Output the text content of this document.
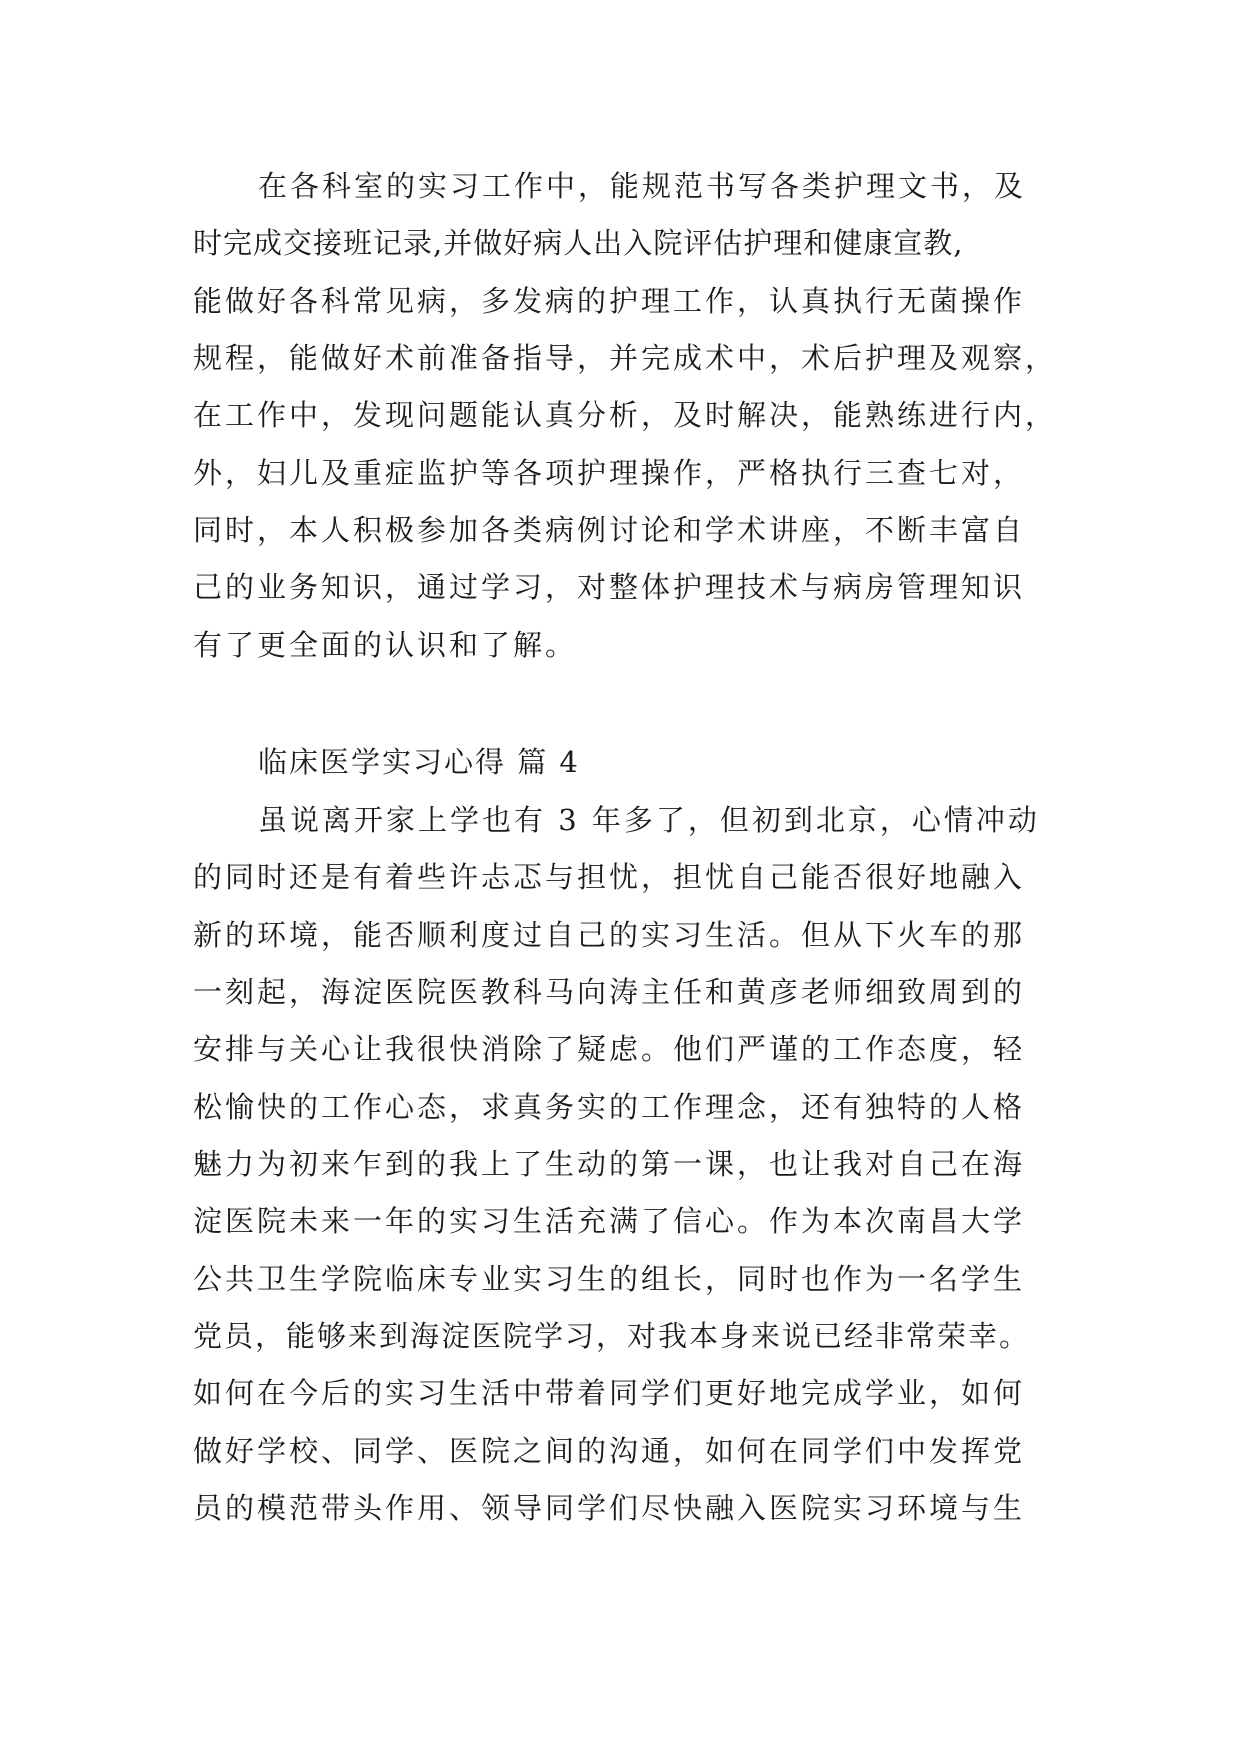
在各科室的实习工作中，能规范书写各类护理文书，及
时完成交接班记录,并做好病人出入院评估护理和健康宣教,
能做好各科常见病，多发病的护理工作，认真执行无菌操作
规程，能做好术前准备指导，并完成术中，术后护理及观察，
在工作中，发现问题能认真分析，及时解决，能熟练进行内，
外，妇儿及重症监护等各项护理操作，严格执行三查七对，
同时，本人积极参加各类病例讨论和学术讲座，不断丰富自
己的业务知识，通过学习，对整体护理技术与病房管理知识
有了更全面的认识和了解。
临床医学实习心得 篇 4
虽说离开家上学也有 3 年多了，但初到北京，心情冲动
的同时还是有着些许忐忑与担忧，担忧自己能否很好地融入
新的环境，能否顺利度过自己的实习生活。但从下火车的那
一刻起，海淀医院医教科马向涛主任和黄彦老师细致周到的
安排与关心让我很快消除了疑虑。他们严谨的工作态度，轻
松愉快的工作心态，求真务实的工作理念，还有独特的人格
魅力为初来乍到的我上了生动的第一课，也让我对自己在海
淀医院未来一年的实习生活充满了信心。作为本次南昌大学
公共卫生学院临床专业实习生的组长，同时也作为一名学生
党员，能够来到海淀医院学习，对我本身来说已经非常荣幸。
如何在今后的实习生活中带着同学们更好地完成学业，如何
做好学校、同学、医院之间的沟通，如何在同学们中发挥党
员的模范带头作用、领导同学们尽快融入医院实习环境与生
